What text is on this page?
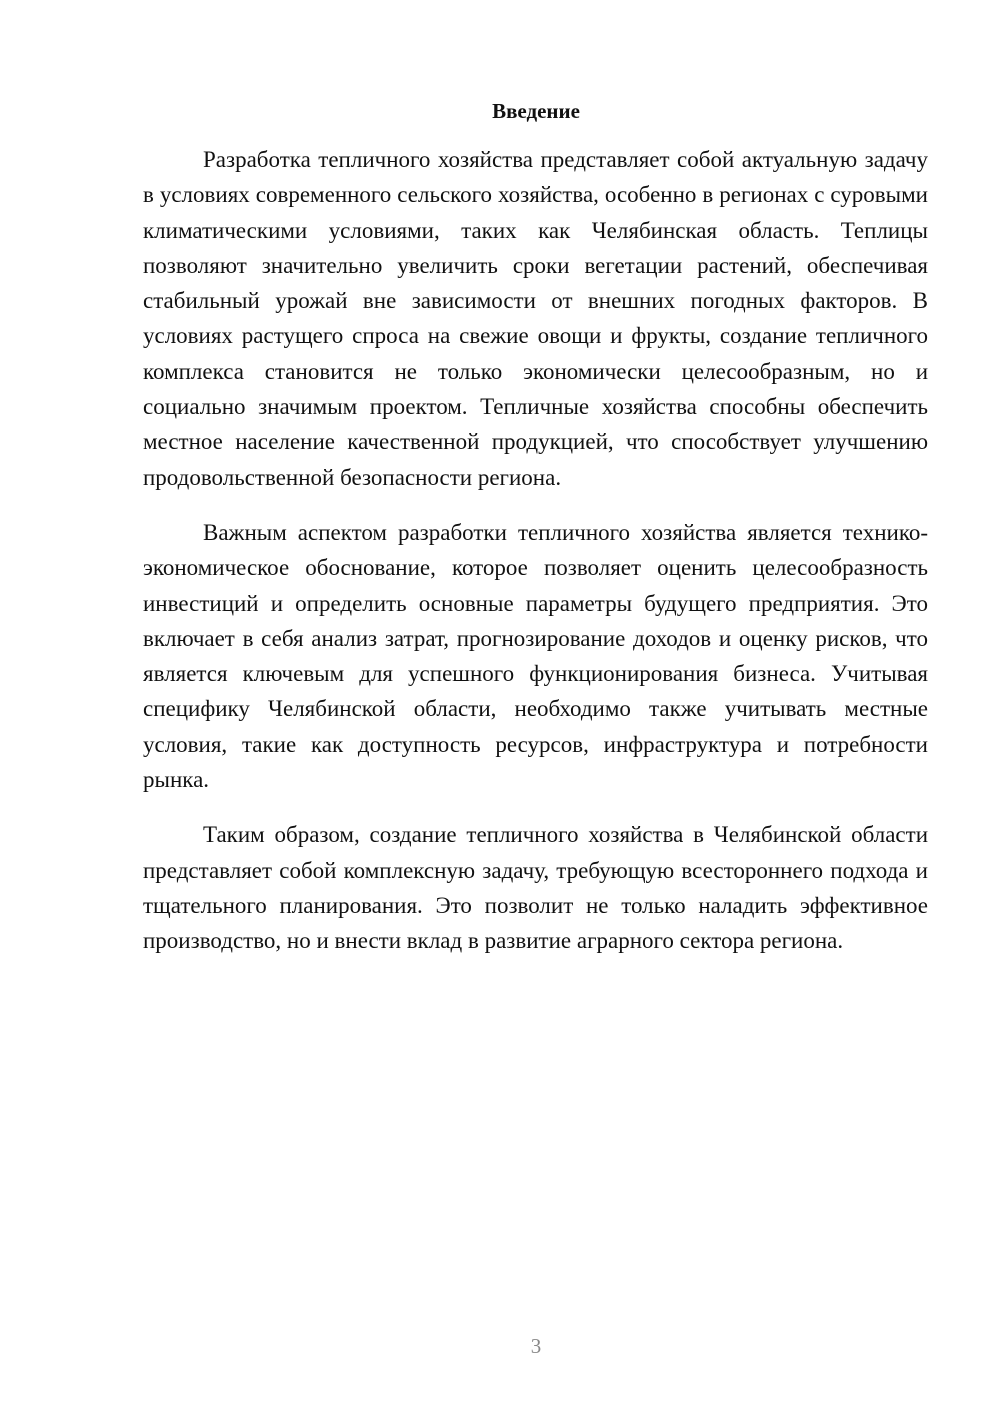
Введение

Разработка тепличного хозяйства представляет собой актуальную задачу в условиях современного сельского хозяйства, особенно в регионах с суровыми климатическими условиями, таких как Челябинская область. Теплицы позволяют значительно увеличить сроки вегетации растений, обеспечивая стабильный урожай вне зависимости от внешних погодных факторов. В условиях растущего спроса на свежие овощи и фрукты, создание тепличного комплекса становится не только экономически целесообразным, но и социально значимым проектом. Тепличные хозяйства способны обеспечить местное население качественной продукцией, что способствует улучшению продовольственной безопасности региона.

Важным аспектом разработки тепличного хозяйства является технико-экономическое обоснование, которое позволяет оценить целесообразность инвестиций и определить основные параметры будущего предприятия. Это включает в себя анализ затрат, прогнозирование доходов и оценку рисков, что является ключевым для успешного функционирования бизнеса. Учитывая специфику Челябинской области, необходимо также учитывать местные условия, такие как доступность ресурсов, инфраструктура и потребности рынка.

Таким образом, создание тепличного хозяйства в Челябинской области представляет собой комплексную задачу, требующую всестороннего подхода и тщательного планирования. Это позволит не только наладить эффективное производство, но и внести вклад в развитие аграрного сектора региона.

3
